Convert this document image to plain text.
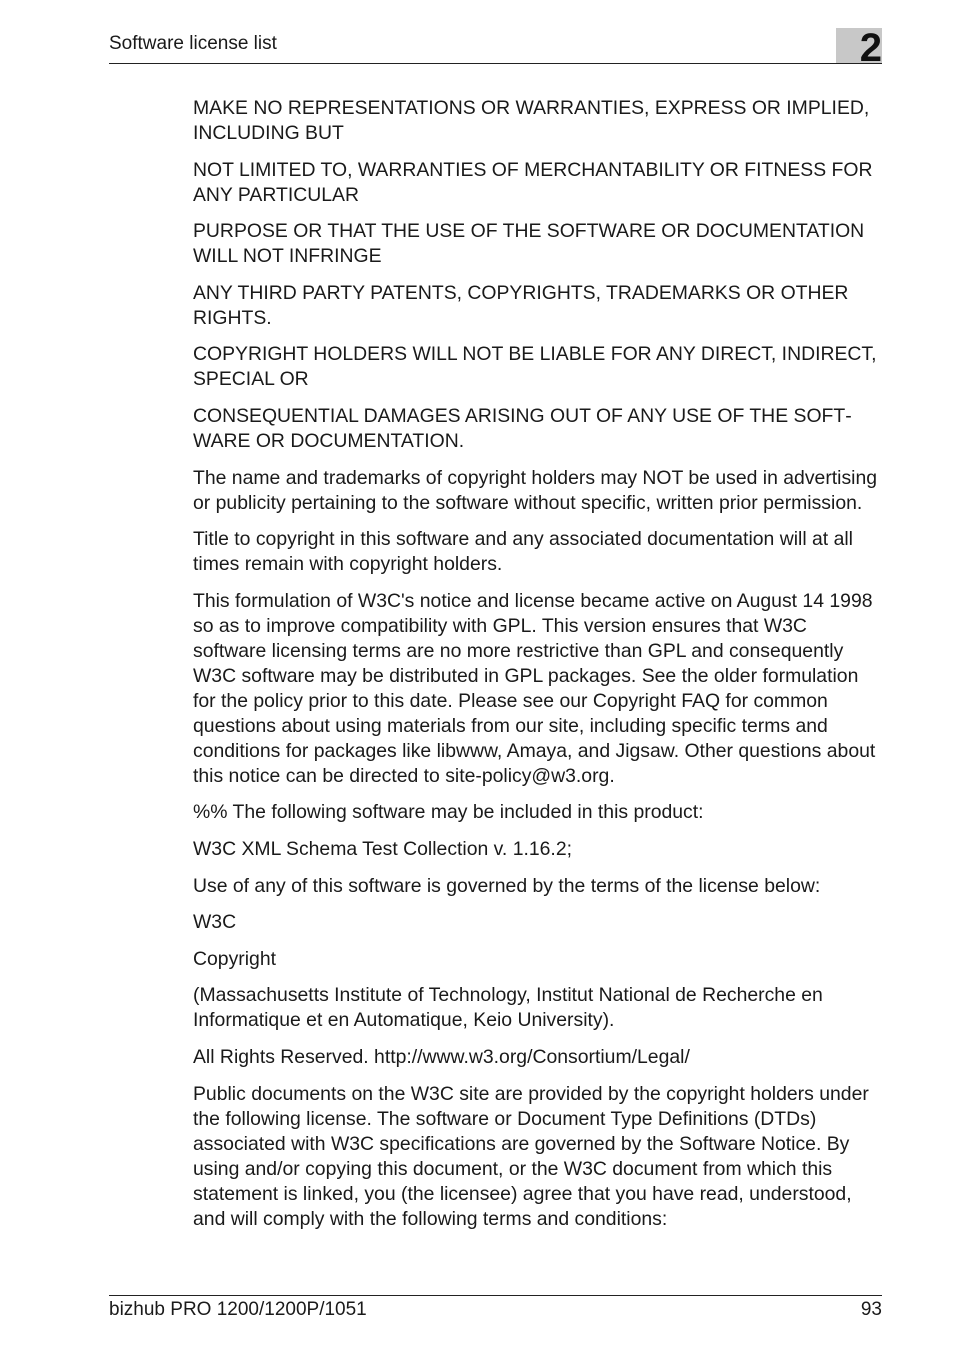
Software license list	2

MAKE NO REPRESENTATIONS OR WARRANTIES, EXPRESS OR IMPLIED, INCLUDING BUT

NOT LIMITED TO, WARRANTIES OF MERCHANTABILITY OR FITNESS FOR ANY PARTICULAR

PURPOSE OR THAT THE USE OF THE SOFTWARE OR DOCUMENTATION WILL NOT INFRINGE

ANY THIRD PARTY PATENTS, COPYRIGHTS, TRADEMARKS OR OTHER RIGHTS.

COPYRIGHT HOLDERS WILL NOT BE LIABLE FOR ANY DIRECT, INDIRECT, SPECIAL OR

CONSEQUENTIAL DAMAGES ARISING OUT OF ANY USE OF THE SOFTWARE OR DOCUMENTATION.

The name and trademarks of copyright holders may NOT be used in advertising or publicity pertaining to the software without specific, written prior permission.

Title to copyright in this software and any associated documentation will at all times remain with copyright holders.

This formulation of W3C's notice and license became active on August 14 1998 so as to improve compatibility with GPL. This version ensures that W3C software licensing terms are no more restrictive than GPL and consequently W3C software may be distributed in GPL packages. See the older formulation for the policy prior to this date. Please see our Copyright FAQ for common questions about using materials from our site, including specific terms and conditions for packages like libwww, Amaya, and Jigsaw. Other questions about this notice can be directed to site-policy@w3.org.

%% The following software may be included in this product:

W3C XML Schema Test Collection v. 1.16.2;

Use of any of this software is governed by the terms of the license below:

W3C

Copyright

(Massachusetts Institute of Technology, Institut National de Recherche en Informatique et en Automatique, Keio University).

All Rights Reserved. http://www.w3.org/Consortium/Legal/

Public documents on the W3C site are provided by the copyright holders under the following license. The software or Document Type Definitions (DTDs) associated with W3C specifications are governed by the Software Notice. By using and/or copying this document, or the W3C document from which this statement is linked, you (the licensee) agree that you have read, understood, and will comply with the following terms and conditions:

bizhub PRO 1200/1200P/1051	93
